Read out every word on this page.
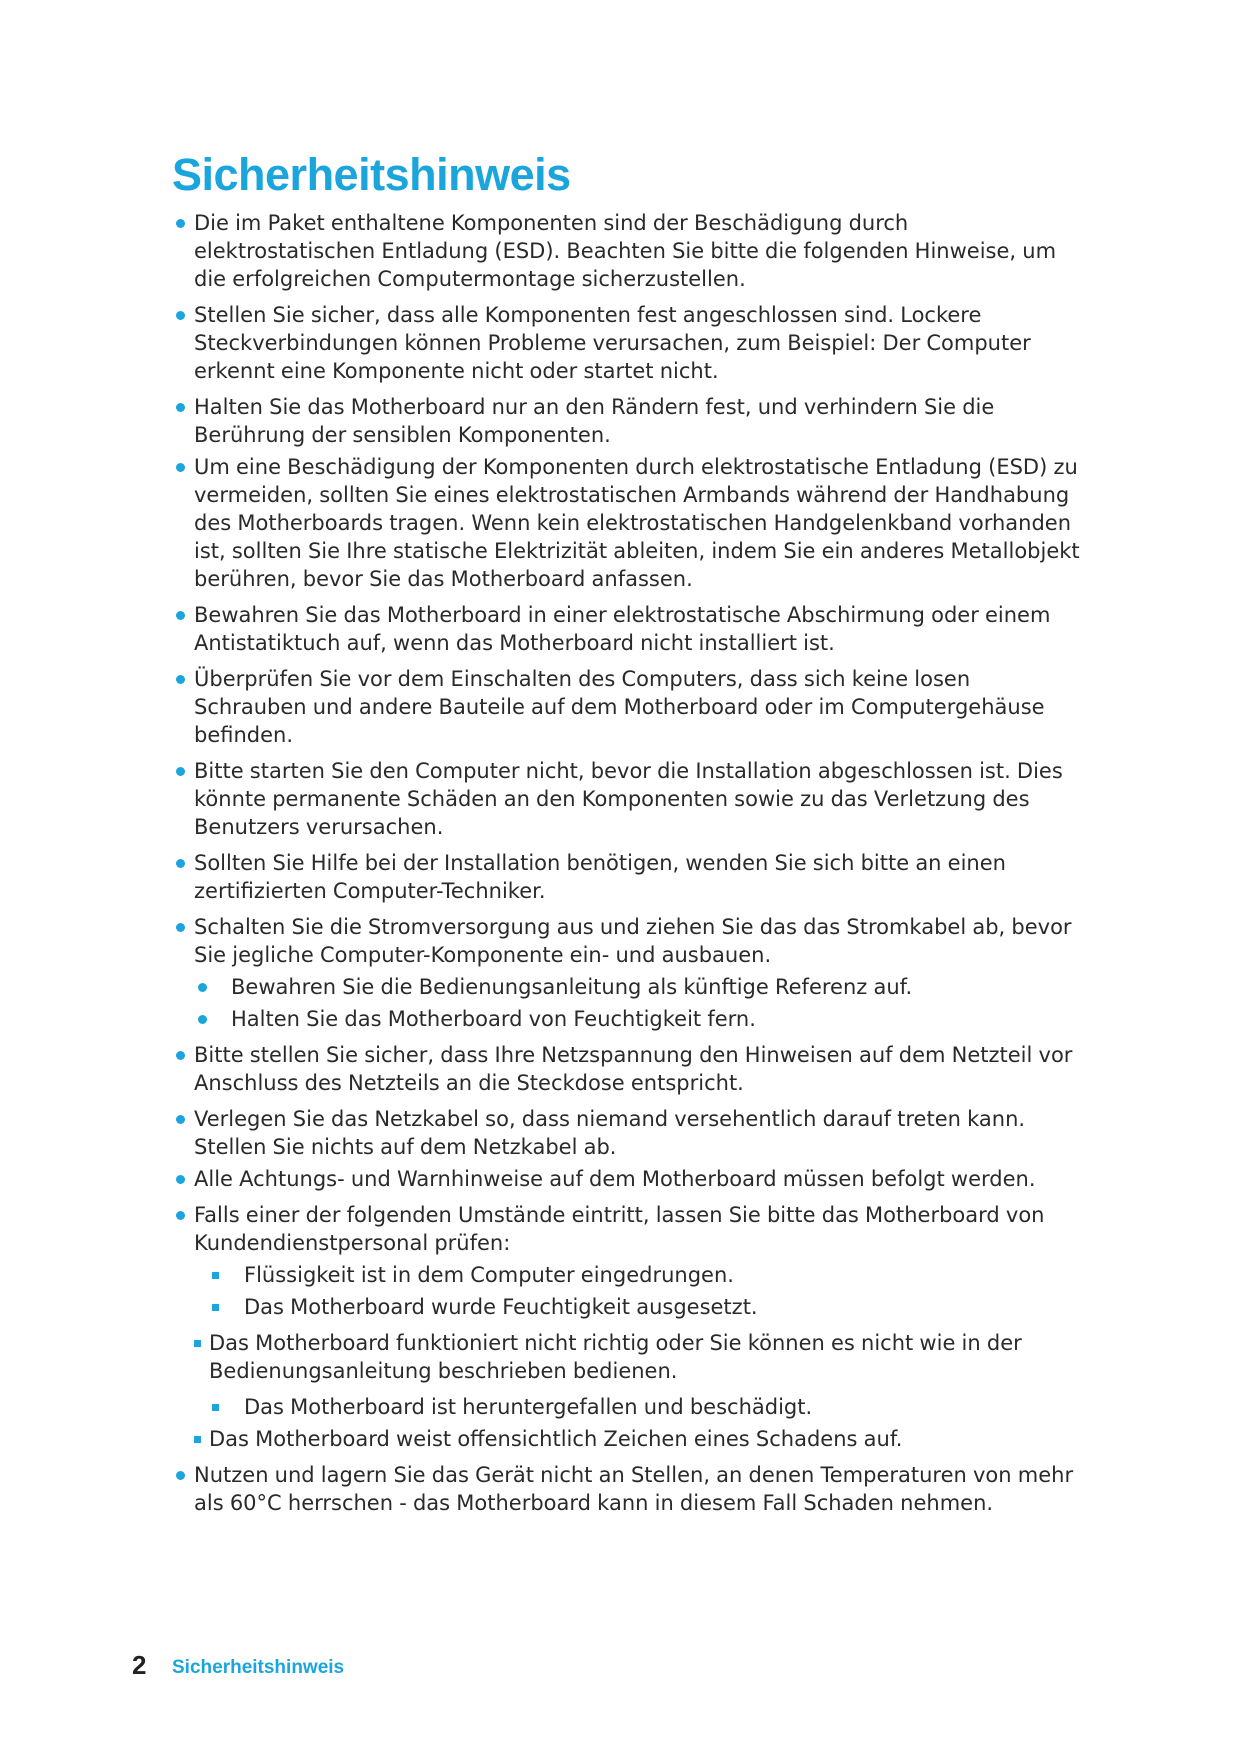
Sicherheitshinweis
Die im Paket enthaltene Komponenten sind der Beschädigung durch elektrostatischen Entladung (ESD). Beachten Sie bitte die folgenden Hinweise, um die erfolgreichen Computermontage sicherzustellen.
Stellen Sie sicher, dass alle Komponenten fest angeschlossen sind. Lockere Steckverbindungen können Probleme verursachen, zum Beispiel: Der Computer erkennt eine Komponente nicht oder startet nicht.
Halten Sie das Motherboard nur an den Rändern fest, und verhindern Sie die Berührung der sensiblen Komponenten.
Um eine Beschädigung der Komponenten durch elektrostatische Entladung (ESD) zu vermeiden, sollten Sie eines elektrostatischen Armbands während der Handhabung des Motherboards tragen. Wenn kein elektrostatischen Handgelenkband vorhanden ist, sollten Sie Ihre statische Elektrizität ableiten, indem Sie ein anderes Metallobjekt berühren, bevor Sie das Motherboard anfassen.
Bewahren Sie das Motherboard in einer elektrostatische Abschirmung oder einem Antistatiktuch auf, wenn das Motherboard nicht installiert ist.
Überprüfen Sie vor dem Einschalten des Computers, dass sich keine losen Schrauben und andere Bauteile auf dem Motherboard oder im Computergehäuse befinden.
Bitte starten Sie den Computer nicht, bevor die Installation abgeschlossen ist. Dies könnte permanente Schäden an den Komponenten sowie zu das Verletzung des Benutzers verursachen.
Sollten Sie Hilfe bei der Installation benötigen, wenden Sie sich bitte an einen zertifizierten Computer-Techniker.
Schalten Sie die Stromversorgung aus und ziehen Sie das das Stromkabel ab, bevor Sie jegliche Computer-Komponente ein- und ausbauen.
Bewahren Sie die Bedienungsanleitung als künftige Referenz auf.
Halten Sie das Motherboard von Feuchtigkeit fern.
Bitte stellen Sie sicher, dass Ihre Netzspannung den Hinweisen auf dem Netzteil vor Anschluss des Netzteils an die Steckdose entspricht.
Verlegen Sie das Netzkabel so, dass niemand versehentlich darauf treten kann. Stellen Sie nichts auf dem Netzkabel ab.
Alle Achtungs- und Warnhinweise auf dem Motherboard müssen befolgt werden.
Falls einer der folgenden Umstände eintritt, lassen Sie bitte das Motherboard von Kundendienstpersonal prüfen:
Flüssigkeit ist in dem Computer eingedrungen.
Das Motherboard wurde Feuchtigkeit ausgesetzt.
Das Motherboard funktioniert nicht richtig oder Sie können es nicht wie in der Bedienungsanleitung beschrieben bedienen.
Das Motherboard ist heruntergefallen und beschädigt.
Das Motherboard weist offensichtlich Zeichen eines Schadens auf.
Nutzen und lagern Sie das Gerät nicht an Stellen, an denen Temperaturen von mehr als 60°C herrschen - das Motherboard kann in diesem Fall Schaden nehmen.
2 Sicherheitshinweis
